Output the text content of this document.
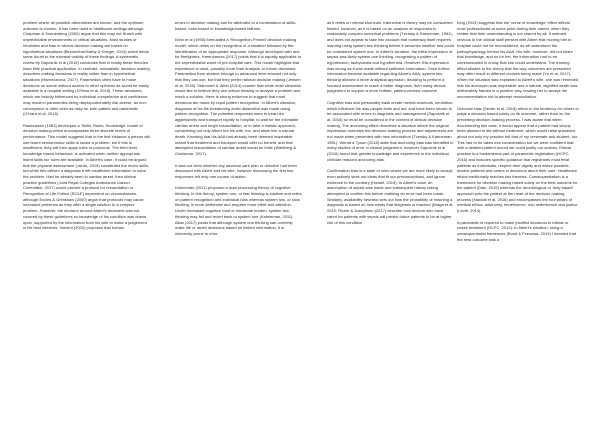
problem where all possible alternatives are known, and the optimum outcome is chosen. It has been used in healthcare settings although Chapman & Sonnenberg (2000) argue that this may not fit well with unpredictable environments or critical situations. Most studies of heuristics and bias in clinical decision making are based on hypothetical situations (Blumenthal-Barby & Krieger, 2014) which lends some doubt to the external validity of these findings. A systematic review by Saposnik et al (2016) concludes that in reality these theories have little practical application. In contrast, 'naturalistic' decision making describes making decisions in reality rather than in hypothetical situations (Harenčarova, 2017). Paramedics often have to make decisions on scene without access to other opinions as would be easily available in a hospital setting (O'Hara et al, 2015). These decisions, which are heavily influenced by individual competence and confidence, may result in paramedics being disproportionately risk averse, as non-conveyance is often seen as risky for both patient and paramedic (O'Hara et al, 2015).

Rasmussen (1983) developed a 'Skills, Rules, Knowledge' model of decision making which encompasses three discrete levels of performance. This model suggests that in the first instance a person will use learnt sensorimotor skills to tackle a problem, but if this is insufficient, they will then apply rules or protocols. The third level, knowledge based behaviour, is activated when neither appropriate learnt skills nor rules are available. In Albert's case, it could be argued that the physical assessment (Jarvis, 2015) constituted the motor skills, but while this offered a diagnosis it left insufficient information to solve the problem. Had he already been in cardiac arrest, then clinical practice guidelines (Joint Royal Colleges Ambulance Liaison Committee, 2017) would provide a protocol for resuscitation or Recognition of Life Extinct (ROLE) dependent on circumstances, although Eccles & Grimshaw (2000) argue that protocols may cause increased problems as they offer a single solution to a complex problem. However, the decision around Albert's treatment was not covered by these guidelines so knowledge of his condition was drawn upon, supported by the information from his wife to make a judgement in his best interests. Vincent (2002) proposes that human

errors in decision making can be attributed to a combination of skills-based, rules-based or knowledge-based failures.

Klein et al (1993) formulated a 'Recognition-Primed' decision making model, which relies on the recognition of a situation followed by the identification of an appropriate response. Although developed with and for firefighters, Harenčarova (2017) posits that it is equally applicable to the unpredictable world of pre-hospital care. This model highlights that experience is used, possibly more than analysis, to inform decisions. Paramedics from student through to advanced level showed not only that they can use, but that they prefer rational decision making (Jensen et al, 2016). Stanovich & West (2014) counter that while most clinicians would like to believe they use critical thinking to analyse a problem and reach a solution, there is strong evidence to suggest that most decisions are made by rapid pattern recognition. In Albert's situation, diagnosis of his life-threatening aortic dissection was made using pattern recognition. The potential responses were to treat him aggressively and transport rapidly to hospital; to wait for the inevitable cardiac arrest and begin resuscitation; or to take a holistic approach, considering not only Albert but his wife, too, and allow him a natural death. Knowing that his AAA had already been deemed inoperable meant that treatment and transport would offer no benefit, and that attempted resuscitation of cardiac arrest would be futile (Wahlberg & Goldstone, 2017).

It was not clear whether any advance care plan or directive had been discussed with Albert and his wife, however discussing the first two responses left only one course of action.

Kahneman (2011) proposed a dual processing theory of cognitive thinking. In this theory, system one, or fast thinking is intuitive and relies on pattern recognition and individual bias whereas system two, or slow thinking, is more deliberate and requires more effort and attention. Under increased cognitive load or emotional burden, system two thinking may fail and revert back to system one (Kahneman, 2011). Allan (2017) posits that although system one thinking can correctly make life or death decisions based on limited information, it is inherently prone to error

as it relies on mental shortcuts. Kahneman's theory may be considered flawed, however, as it is based on an analysis of responses to reasonably complex numerical problems (Tversky & Kahneman, 1981), and does not appear to take into account that numeracy itself requires learning using system two thinking before it becomes intuitive and could be considered system one. In Albert's situation, the initial impression of sepsis was likely system one thinking, recognising a pattern of hypotension, tachycardia and hypothermia. However, this impression was wrong as it was made without sufficient information. Once further information became available regarding Albert's AAA, system two thinking allowed a more analytical approach, deciding to perform a focused assessment to reach a better diagnosis, then using clinical judgement to support a more holistic, patient-centred outcome.

Cognitive bias and personality traits create mental shortcuts, heuristics, which influence the way people think and act, and have been shown to be associated with errors in diagnosis and management (Saposnik et al, 2016) so must be considered in the context of clinical decision making. The anchoring effect describes a situation where the original impression overrides the decision-making process and adjustments are not made when presented with new information (Tversky & Kahneman 1981). Wendt & Tyson (2018) state that anchoring bias was identified in many studies of error in clinical judgement, however Saposnik et al (2016) found that greater knowledge and experience in the individual clinician reduced anchoring bias.

Confirmation bias is a state of mind where we are more likely to accept, even actively seek out ideas that fit our preconceptions, and ignore evidence to the contrary (Howell, 2019). In Albert's case, an assumption of sepsis was made and subsequent history taking attempted to confirm this before realising an error had been made. Similarly, availability heuristic sets out how the probability of reaching a diagnosis is based on how easily that diagnosis is reached (Braga et al, 2015; Richie & Josephson (2017) describe how doctors who have cared for patients with sepsis will predict future patients to be at higher risk of this condition.

King (2019) suggests that the 'curse of knowledge' effect affects most professionals at some point during their career, when they realise that their understanding is not shared by all. It seemed obvious to the clinical staff present with Albert that moving him to hospital could not be reconsidered, as all understood the pathophysiology behind his AAA. His wife, however, did not share that knowledge, and so for her, the information had to be communicated in a way that she could understand. The framing effect alludes to the theory that the way outcomes are presented may often result in different choices being made (Yu et al, 2017). When the situation was explained to Albert's wife, she was reminded that his aneurysm was inoperable and a natural, dignified death was deliberately framed in a positive way, leading her to accept the recommendation not to attempt resuscitation.

Outcome bias (Sevier et al, 2018) refers to the tendency for others to judge a decision based solely on its outcome, rather than on the preceding decision-making process. I was aware that when documenting this case, it would appear that a patient had simply been allowed to die without treatment, which would raise questions about not only my practice but that of my crewmate and student, too. This had to be taken into consideration but we were confident that with a detailed patient record we could justify our actions. Ethical practice is a fundamental part of paramedic registration (HCPC, 2016) and includes specific guidance that registrants must treat patients as individuals, respect their dignity and where possible, involve patients and carers in decisions about their care. Healthcare ethics traditionally teaches two theories. Consequentialism is a framework for decision making based solely on the best outcome for the patient (Dale, 2019) whereas the deontological or 'duty based' approach puts the patient at the heart of the decision making process (Mandal et al, 2016) and encompasses the four pillars of medical ethics: autonomy, beneficence, non-maleficence and justice (Levitt, 2014).

A paramedic is required to make justified decisions to initiate or cease treatment (HCPC, 2014). In Albert's situation, using a consequentialist framework (Bond & Feenzwa, 2019) I decided that the best outcome was a
